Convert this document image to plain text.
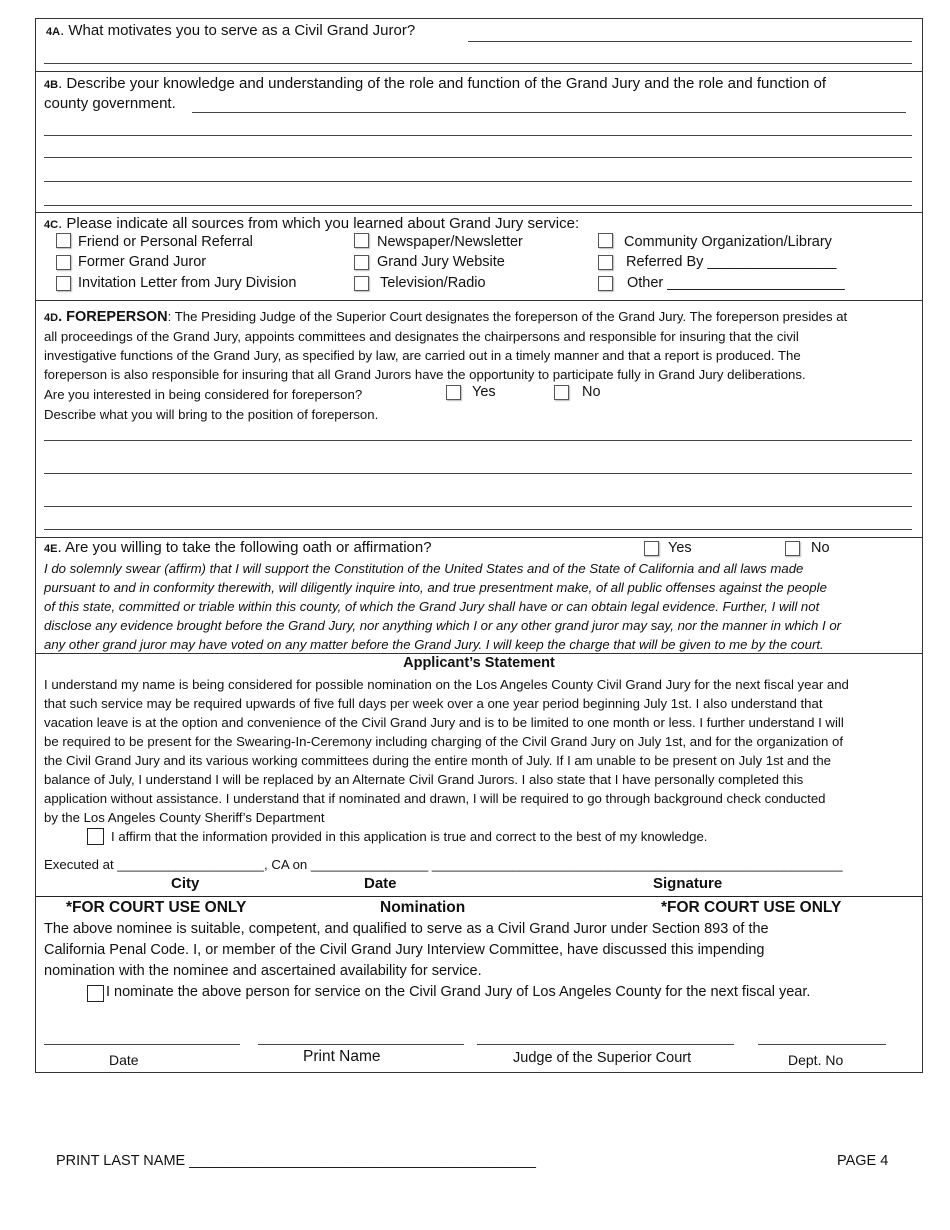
4A. What motivates you to serve as a Civil Grand Juror?
4B. Describe your knowledge and understanding of the role and function of the Grand Jury and the role and function of
county government.
4C. Please indicate all sources from which you learned about Grand Jury service:
Friend or Personal Referral	Newspaper/Newsletter	Community Organization/Library
Former Grand Juror	Grand Jury Website	Referred By ________________
Invitation Letter from Jury Division	Television/Radio	Other ______________________
4D. FOREPERSON: The Presiding Judge of the Superior Court designates the foreperson of the Grand Jury. The foreperson presides at
all proceedings of the Grand Jury, appoints committees and designates the chairpersons and responsible for insuring that the civil
investigative functions of the Grand Jury, as specified by law, are carried out in a timely manner and that a report is produced. The
foreperson is also responsible for insuring that all Grand Jurors have the opportunity to participate fully in Grand Jury deliberations.
Are you interested in being considered for foreperson?	Yes	No
Describe what you will bring to the position of foreperson.
4E. Are you willing to take the following oath or affirmation?	Yes	No
I do solemnly swear (affirm) that I will support the Constitution of the United States and of the State of California and all laws made
pursuant to and in conformity therewith, will diligently inquire into, and true presentment make, of all public offenses against the people
of this state, committed or triable within this county, of which the Grand Jury shall have or can obtain legal evidence. Further, I will not
disclose any evidence brought before the Grand Jury, nor anything which I or any other grand juror may say, nor the manner in which I or
any other grand juror may have voted on any matter before the Grand Jury. I will keep the charge that will be given to me by the court.
Applicant’s Statement
I understand my name is being considered for possible nomination on the Los Angeles County Civil Grand Jury for the next fiscal year and
that such service may be required upwards of five full days per week over a one year period beginning July 1st. I also understand that
vacation leave is at the option and convenience of the Civil Grand Jury and is to be limited to one month or less. I further understand I will
be required to be present for the Swearing-In-Ceremony including charging of the Civil Grand Jury on July 1st, and for the organization of
the Civil Grand Jury and its various working committees during the entire month of July. If I am unable to be present on July 1st and the
balance of July, I understand I will be replaced by an Alternate Civil Grand Jurors. I also state that I have personally completed this
application without assistance. I understand that if nominated and drawn, I will be required to go through background check conducted
by the Los Angeles County Sheriff’s Department
I affirm that the information provided in this application is true and correct to the best of my knowledge.
Executed at ____________________, CA on ________________ ________________________________________________________
City	Date	Signature
*FOR COURT USE ONLY	Nomination	*FOR COURT USE ONLY
The above nominee is suitable, competent, and qualified to serve as a Civil Grand Juror under Section 893 of the
California Penal Code. I, or member of the Civil Grand Jury Interview Committee, have discussed this impending
nomination with the nominee and ascertained availability for service.
I nominate the above person for service on the Civil Grand Jury of Los Angeles County for the next fiscal year.
Date	Print Name	Judge of the Superior Court	Dept. No
PRINT LAST NAME ___________________________________________	PAGE 4
